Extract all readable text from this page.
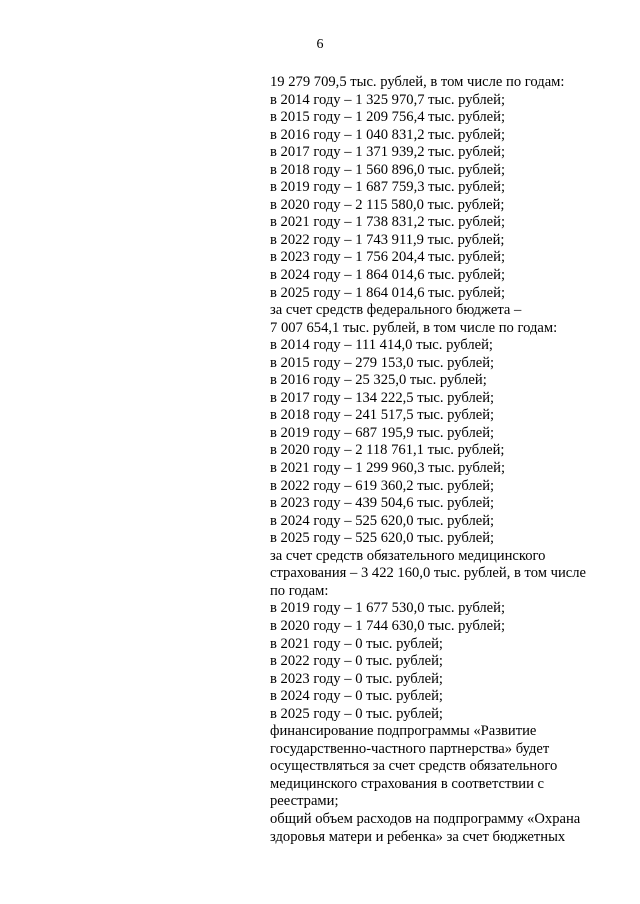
6
19 279 709,5 тыс. рублей, в том числе по годам:
в 2014 году – 1 325 970,7 тыс. рублей;
в 2015 году – 1 209 756,4 тыс. рублей;
в 2016 году – 1 040 831,2 тыс. рублей;
в 2017 году – 1 371 939,2 тыс. рублей;
в 2018 году – 1 560 896,0 тыс. рублей;
в 2019 году – 1 687 759,3 тыс. рублей;
в 2020 году – 2 115 580,0 тыс. рублей;
в 2021 году – 1 738 831,2 тыс. рублей;
в 2022 году – 1 743 911,9 тыс. рублей;
в 2023 году – 1 756 204,4 тыс. рублей;
в 2024 году – 1 864 014,6 тыс. рублей;
в 2025 году – 1 864 014,6 тыс. рублей;
за счет средств федерального бюджета –
7 007 654,1 тыс. рублей, в том числе по годам:
в 2014 году – 111 414,0 тыс. рублей;
в 2015 году – 279 153,0 тыс. рублей;
в 2016 году – 25 325,0 тыс. рублей;
в 2017 году – 134 222,5 тыс. рублей;
в 2018 году – 241 517,5 тыс. рублей;
в 2019 году – 687 195,9 тыс. рублей;
в 2020 году – 2 118 761,1 тыс. рублей;
в 2021 году – 1 299 960,3 тыс. рублей;
в 2022 году – 619 360,2 тыс. рублей;
в 2023 году – 439 504,6 тыс. рублей;
в 2024 году – 525 620,0 тыс. рублей;
в 2025 году – 525 620,0 тыс. рублей;
за счет средств обязательного медицинского
страхования – 3 422 160,0 тыс. рублей, в том числе
по годам:
в 2019 году – 1 677 530,0 тыс. рублей;
в 2020 году – 1 744 630,0 тыс. рублей;
в 2021 году – 0 тыс. рублей;
в 2022 году – 0 тыс. рублей;
в 2023 году – 0 тыс. рублей;
в 2024 году – 0 тыс. рублей;
в 2025 году – 0 тыс. рублей;
финансирование подпрограммы «Развитие
государственно-частного партнерства» будет
осуществляться за счет средств обязательного
медицинского страхования в соответствии с
реестрами;
общий объем расходов на подпрограмму «Охрана
здоровья матери и ребенка» за счет бюджетных
